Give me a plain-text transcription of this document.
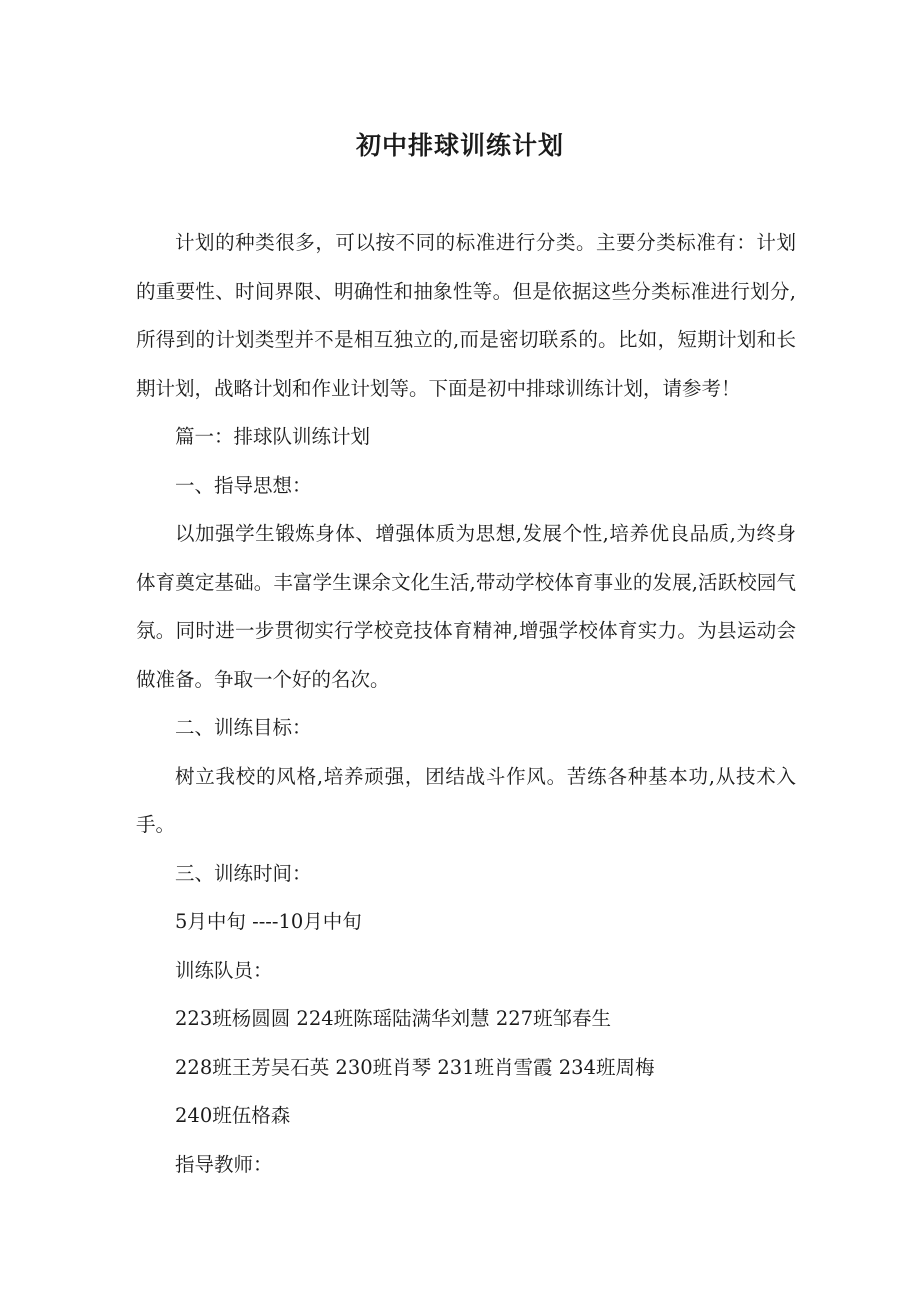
初中排球训练计划

计划的种类很多，可以按不同的标准进行分类。主要分类标准有：计划的重要性、时间界限、明确性和抽象性等。但是依据这些分类标准进行划分,所得到的计划类型并不是相互独立的,而是密切联系的。比如，短期计划和长期计划，战略计划和作业计划等。下面是初中排球训练计划，请参考！

篇一：排球队训练计划

一、指导思想：

以加强学生锻炼身体、增强体质为思想,发展个性,培养优良品质,为终身体育奠定基础。丰富学生课余文化生活,带动学校体育事业的发展,活跃校园气氛。同时进一步贯彻实行学校竞技体育精神,增强学校体育实力。为县运动会做准备。争取一个好的名次。

二、训练目标：

树立我校的风格,培养顽强，团结战斗作风。苦练各种基本功,从技术入手。

三、训练时间：

5月中旬 ----10月中旬

训练队员：

223班杨圆圆 224班陈瑶陆满华刘慧 227班邹春生

228班王芳吴石英 230班肖琴 231班肖雪霞 234班周梅

240班伍格森

指导教师：
